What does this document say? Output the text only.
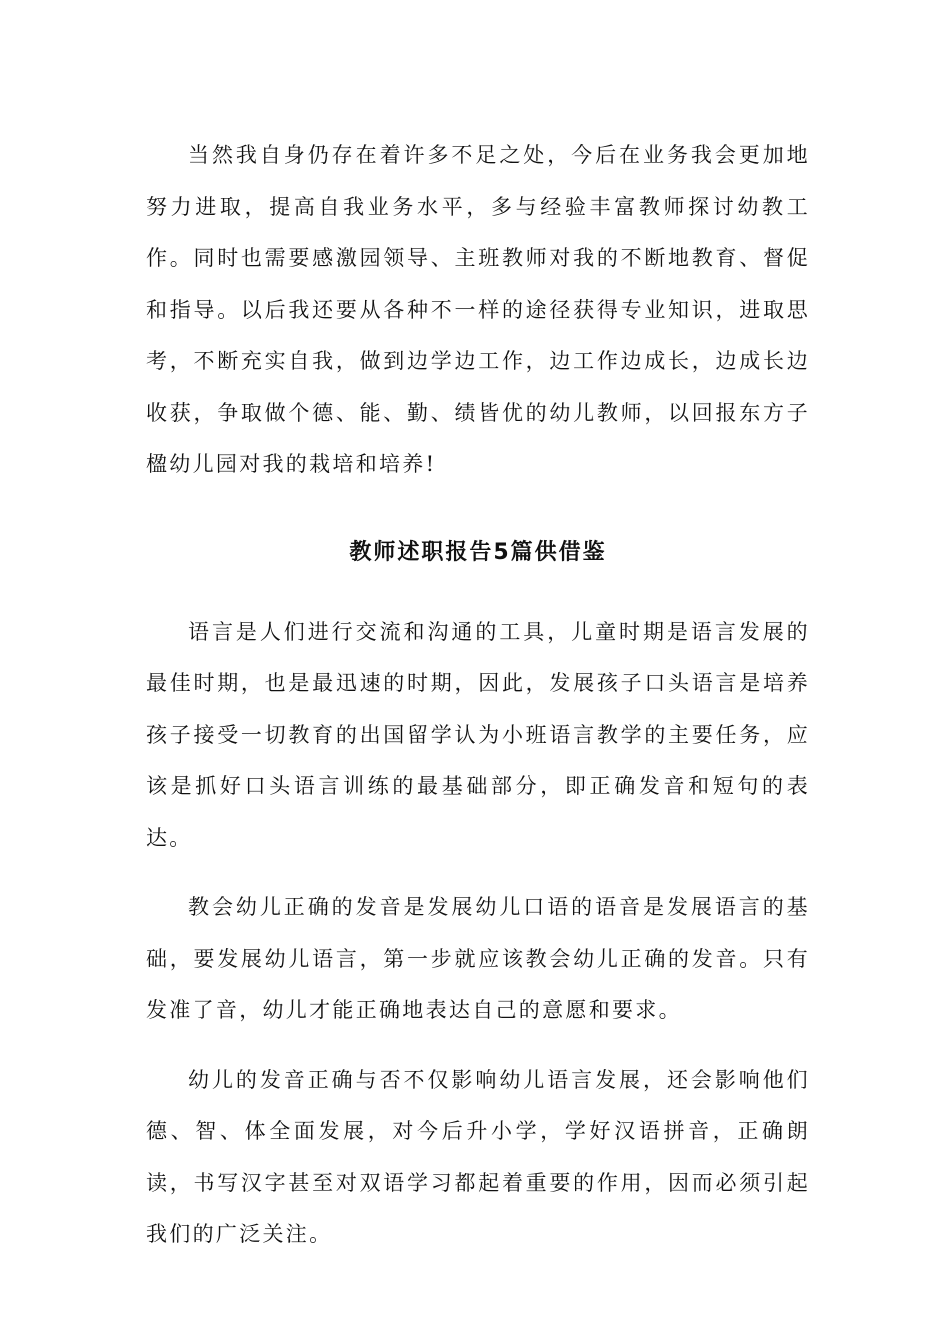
当然我自身仍存在着许多不足之处，今后在业务我会更加地努力进取，提高自我业务水平，多与经验丰富教师探讨幼教工作。同时也需要感激园领导、主班教师对我的不断地教育、督促和指导。以后我还要从各种不一样的途径获得专业知识，进取思考，不断充实自我，做到边学边工作，边工作边成长，边成长边收获，争取做个德、能、勤、绩皆优的幼儿教师，以回报东方子楹幼儿园对我的栽培和培养!

教师述职报告5篇供借鉴

语言是人们进行交流和沟通的工具，儿童时期是语言发展的最佳时期，也是最迅速的时期，因此，发展孩子口头语言是培养孩子接受一切教育的出国留学认为小班语言教学的主要任务，应该是抓好口头语言训练的最基础部分，即正确发音和短句的表达。

教会幼儿正确的发音是发展幼儿口语的语音是发展语言的基础，要发展幼儿语言，第一步就应该教会幼儿正确的发音。只有发准了音，幼儿才能正确地表达自己的意愿和要求。

幼儿的发音正确与否不仅影响幼儿语言发展，还会影响他们德、智、体全面发展，对今后升小学，学好汉语拼音，正确朗读，书写汉字甚至对双语学习都起着重要的作用，因而必须引起我们的广泛关注。
